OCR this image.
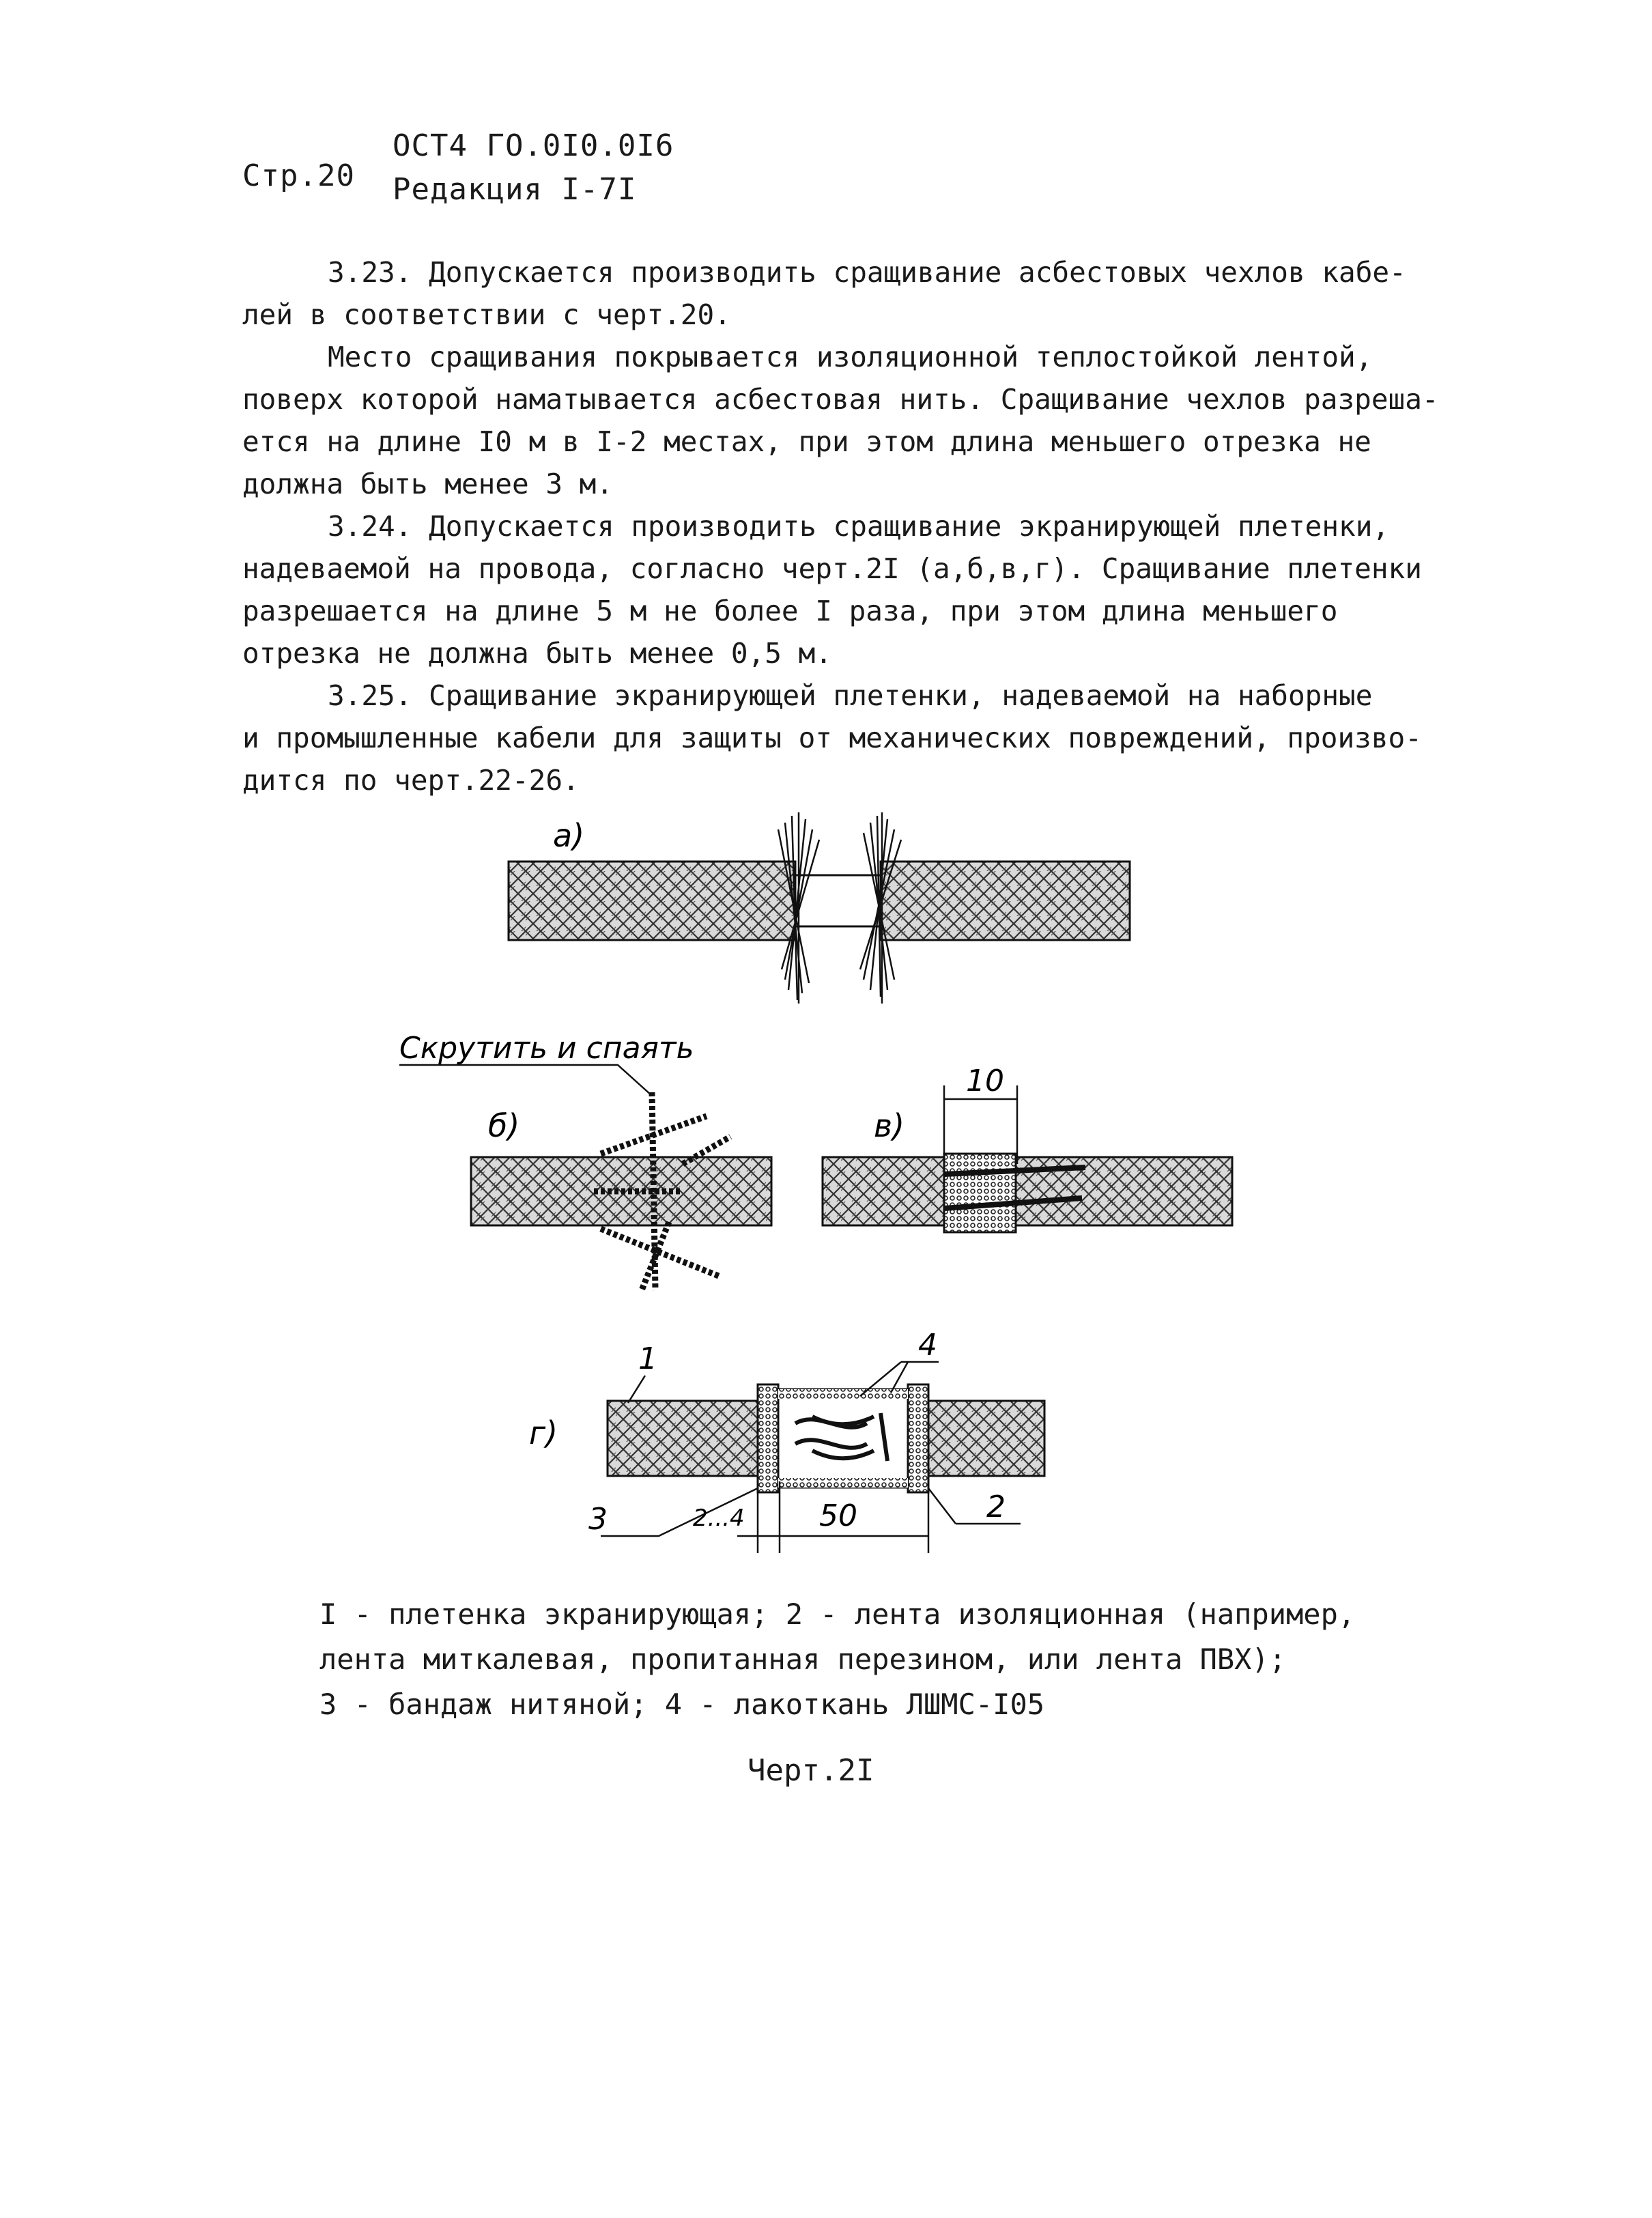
Стр.20
ОСТ4 ГО.0I0.0I6
Редакция I-7I
3.23. Допускается производить сращивание асбестовых чехлов кабе-
лей в соответствии с черт.20.
Место сращивания покрывается изоляционной теплостойкой лентой,
поверх которой наматывается асбестовая нить. Сращивание чехлов разреша-
ется на длине I0 м в I-2 местах, при этом длина меньшего отрезка не
должна быть менее 3 м.
3.24. Допускается производить сращивание экранирующей плетенки,
надеваемой на провода, согласно черт.2I (а,б,в,г). Сращивание плетенки
разрешается на длине 5 м не более I раза, при этом длина меньшего
отрезка не должна быть менее 0,5 м.
3.25. Сращивание экранирующей плетенки, надеваемой на наборные
и промышленные кабели для защиты от механических повреждений, произво-
дится по черт.22-26.
а)
Скрутить и спаять
б)	в)
10
г)
1	4
2
3	2...4 50
I - плетенка экранирующая; 2 - лента изоляционная (например,
лента миткалевая, пропитанная перезином, или лента ПВХ);
3 - бандаж нитяной; 4 - лакоткань ЛШМС-I05
Черт.2I
